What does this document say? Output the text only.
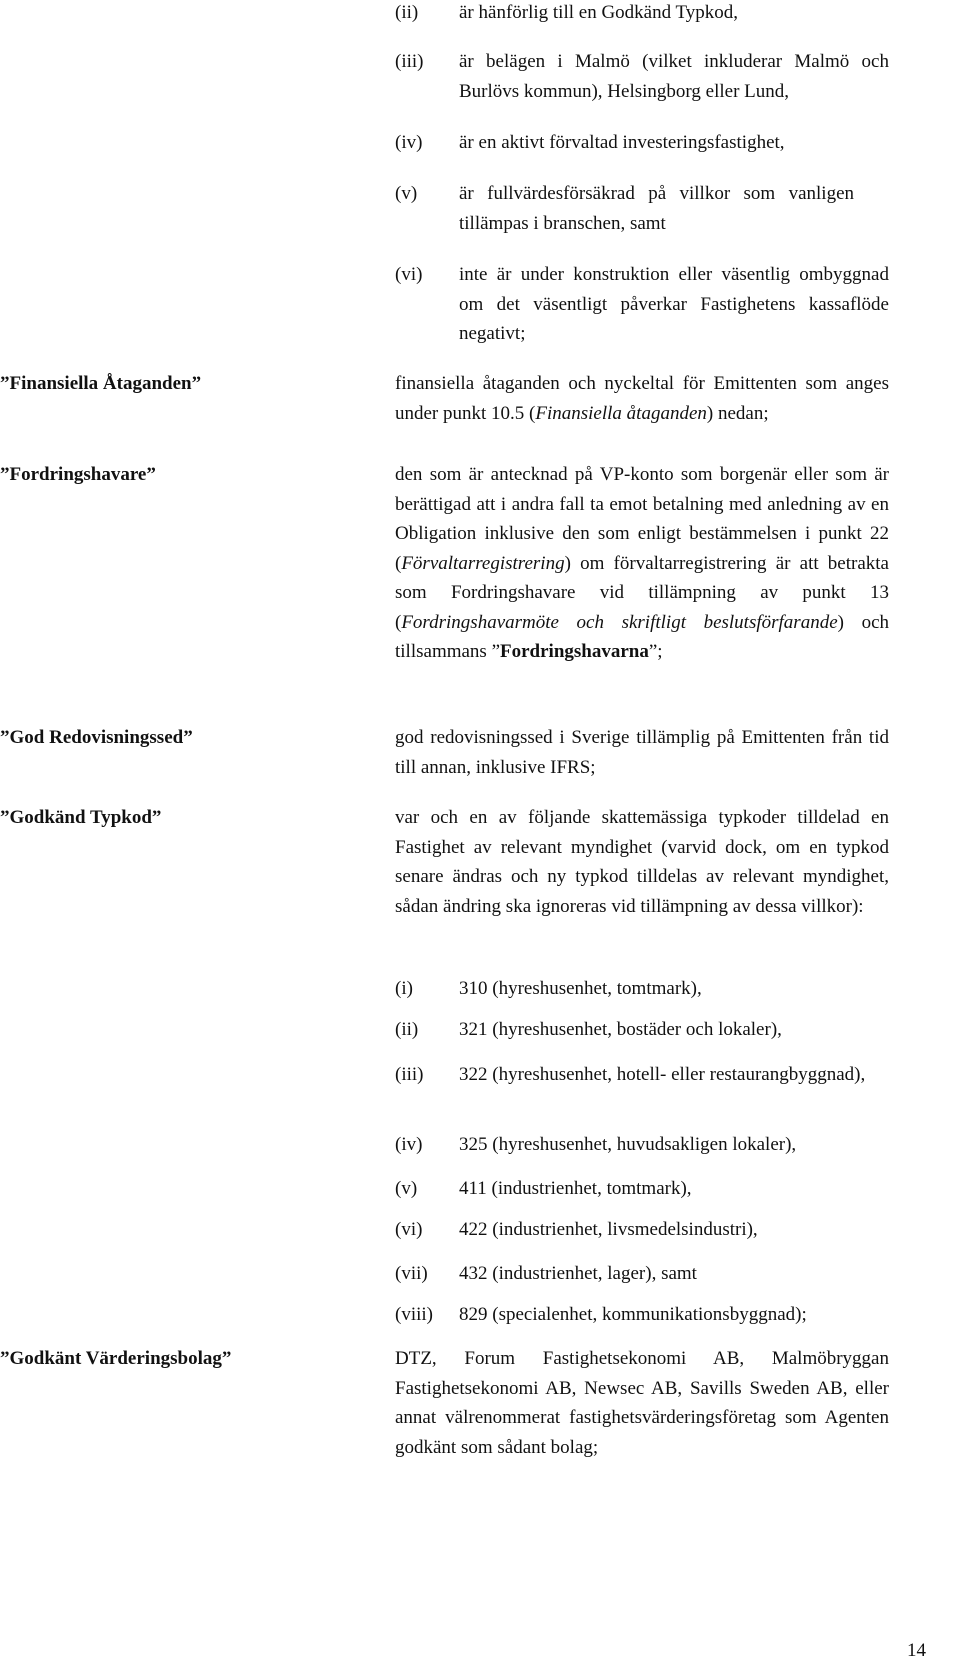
(ii)	är hänförlig till en Godkänd Typkod,
(iii)	är belägen i Malmö (vilket inkluderar Malmö och Burlövs kommun), Helsingborg eller Lund,
(iv)	är en aktivt förvaltad investeringsfastighet,
(v)	är fullvärdesförsäkrad på villkor som vanligen tillämpas i branschen, samt
(vi)	inte är under konstruktion eller väsentlig ombyggnad om det väsentligt påverkar Fastighetens kassaflöde negativt;
”Finansiella Åtaganden”	finansiella åtaganden och nyckeltal för Emittenten som anges under punkt 10.5 (Finansiella åtaganden) nedan;
”Fordringshavare”	den som är antecknad på VP-konto som borgenär eller som är berättigad att i andra fall ta emot betalning med anledning av en Obligation inklusive den som enligt bestämmelsen i punkt 22 (Förvaltarregistrering) om förvaltarregistrering är att betrakta som Fordringshavare vid tillämpning av punkt 13 (Fordringshavarmöte och skriftligt beslutsförfarande) och tillsammans ”Fordringshavarna”;
”God Redovisningssed”	god redovisningssed i Sverige tillämplig på Emittenten från tid till annan, inklusive IFRS;
”Godkänd Typkod”	var och en av följande skattemässiga typkoder tilldelad en Fastighet av relevant myndighet (varvid dock, om en typkod senare ändras och ny typkod tilldelas av relevant myndighet, sådan ändring ska ignoreras vid tillämpning av dessa villkor):
(i)	310 (hyreshusenhet, tomtmark),
(ii)	321 (hyreshusenhet, bostäder och lokaler),
(iii)	322 (hyreshusenhet, hotell- eller restaurangbyggnad),
(iv)	325 (hyreshusenhet, huvudsakligen lokaler),
(v)	411 (industrienhet, tomtmark),
(vi)	422 (industrienhet, livsmedelsindustri),
(vii)	432 (industrienhet, lager), samt
(viii)	829 (specialenhet, kommunikationsbyggnad);
”Godkänt Värderingsbolag”	DTZ, Forum Fastighetsekonomi AB, Malmöbryggan Fastighetsekonomi AB, Newsec AB, Savills Sweden AB, eller annat välrenommerat fastighetsvärderingsföretag som Agenten godkänt som sådant bolag;
14
